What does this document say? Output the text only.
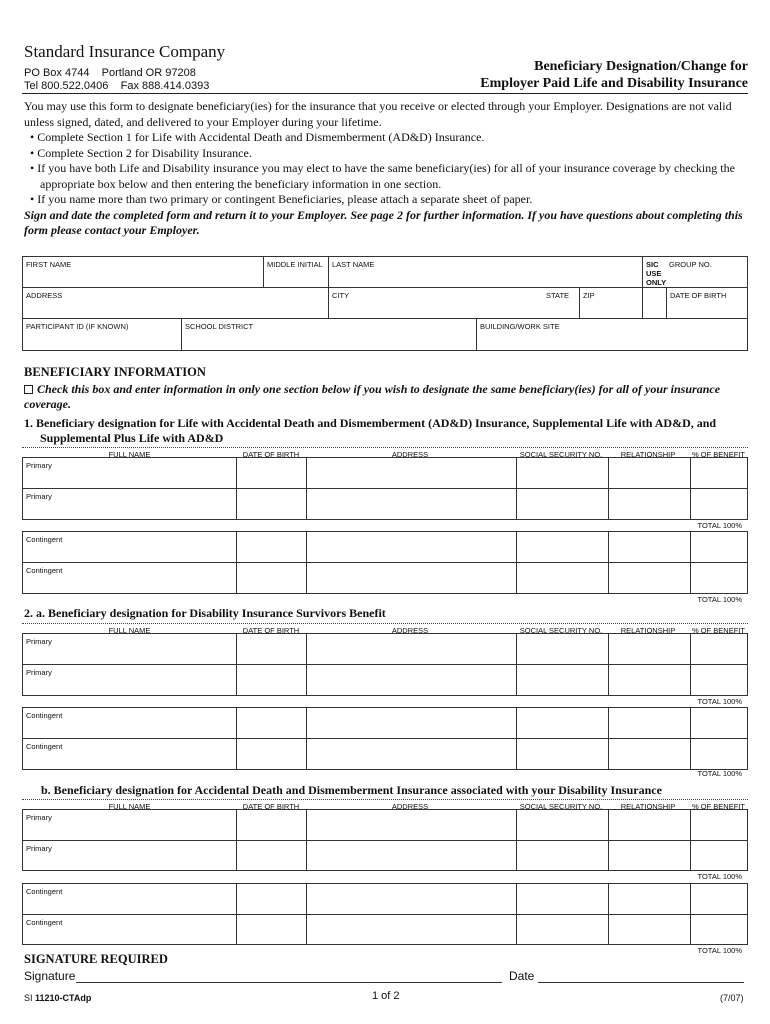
Standard Insurance Company
PO Box 4744    Portland OR 97208
Tel 800.522.0406    Fax 888.414.0393
Beneficiary Designation/Change for
Employer Paid Life and Disability Insurance
You may use this form to designate beneficiary(ies) for the insurance that you receive or elected through your Employer. Designations are not valid unless signed, dated, and delivered to your Employer during your lifetime.
• Complete Section 1 for Life with Accidental Death and Dismemberment (AD&D) Insurance.
• Complete Section 2 for Disability Insurance.
• If you have both Life and Disability insurance you may elect to have the same beneficiary(ies) for all of your insurance coverage by checking the appropriate box below and then entering the beneficiary information in one section.
• If you name more than two primary or contingent Beneficiaries, please attach a separate sheet of paper.
Sign and date the completed form and return it to your Employer. See page 2 for further information. If you have questions about completing this form please contact your Employer.
FIRST NAME	MIDDLE INITIAL	LAST NAME	SIC
USE
ONLY
GROUP NO.
ADDRESS	CITY	STATE	ZIP	DATE OF BIRTH
PARTICIPANT ID (IF KNOWN)	SCHOOL DISTRICT	BUILDING/WORK SITE
BENEFICIARY INFORMATION
Check this box and enter information in only one section below if you wish to designate the same beneficiary(ies) for all of your insurance coverage.
1. Beneficiary designation for Life with Accidental Death and Dismemberment (AD&D) Insurance, Supplemental Life with AD&D, and Supplemental Plus Life with AD&D
FULL NAME	DATE OF BIRTH	ADDRESS	SOCIAL SECURITY NO.	RELATIONSHIP	% OF BENEFIT
Primary
Primary
TOTAL 100%
Contingent
Contingent
TOTAL 100%
2. a. Beneficiary designation for Disability Insurance Survivors Benefit
FULL NAME	DATE OF BIRTH	ADDRESS	SOCIAL SECURITY NO.	RELATIONSHIP	% OF BENEFIT
Primary
Primary
TOTAL 100%
Contingent
Contingent
TOTAL 100%
b. Beneficiary designation for Accidental Death and Dismemberment Insurance associated with your Disability Insurance
FULL NAME	DATE OF BIRTH	ADDRESS	SOCIAL SECURITY NO.	RELATIONSHIP	% OF BENEFIT
Primary
Primary
TOTAL 100%
Contingent
Contingent
TOTAL 100%
SIGNATURE REQUIRED
Signature	Date
SI 11210-CTAdp	1 of 2	(7/07)
